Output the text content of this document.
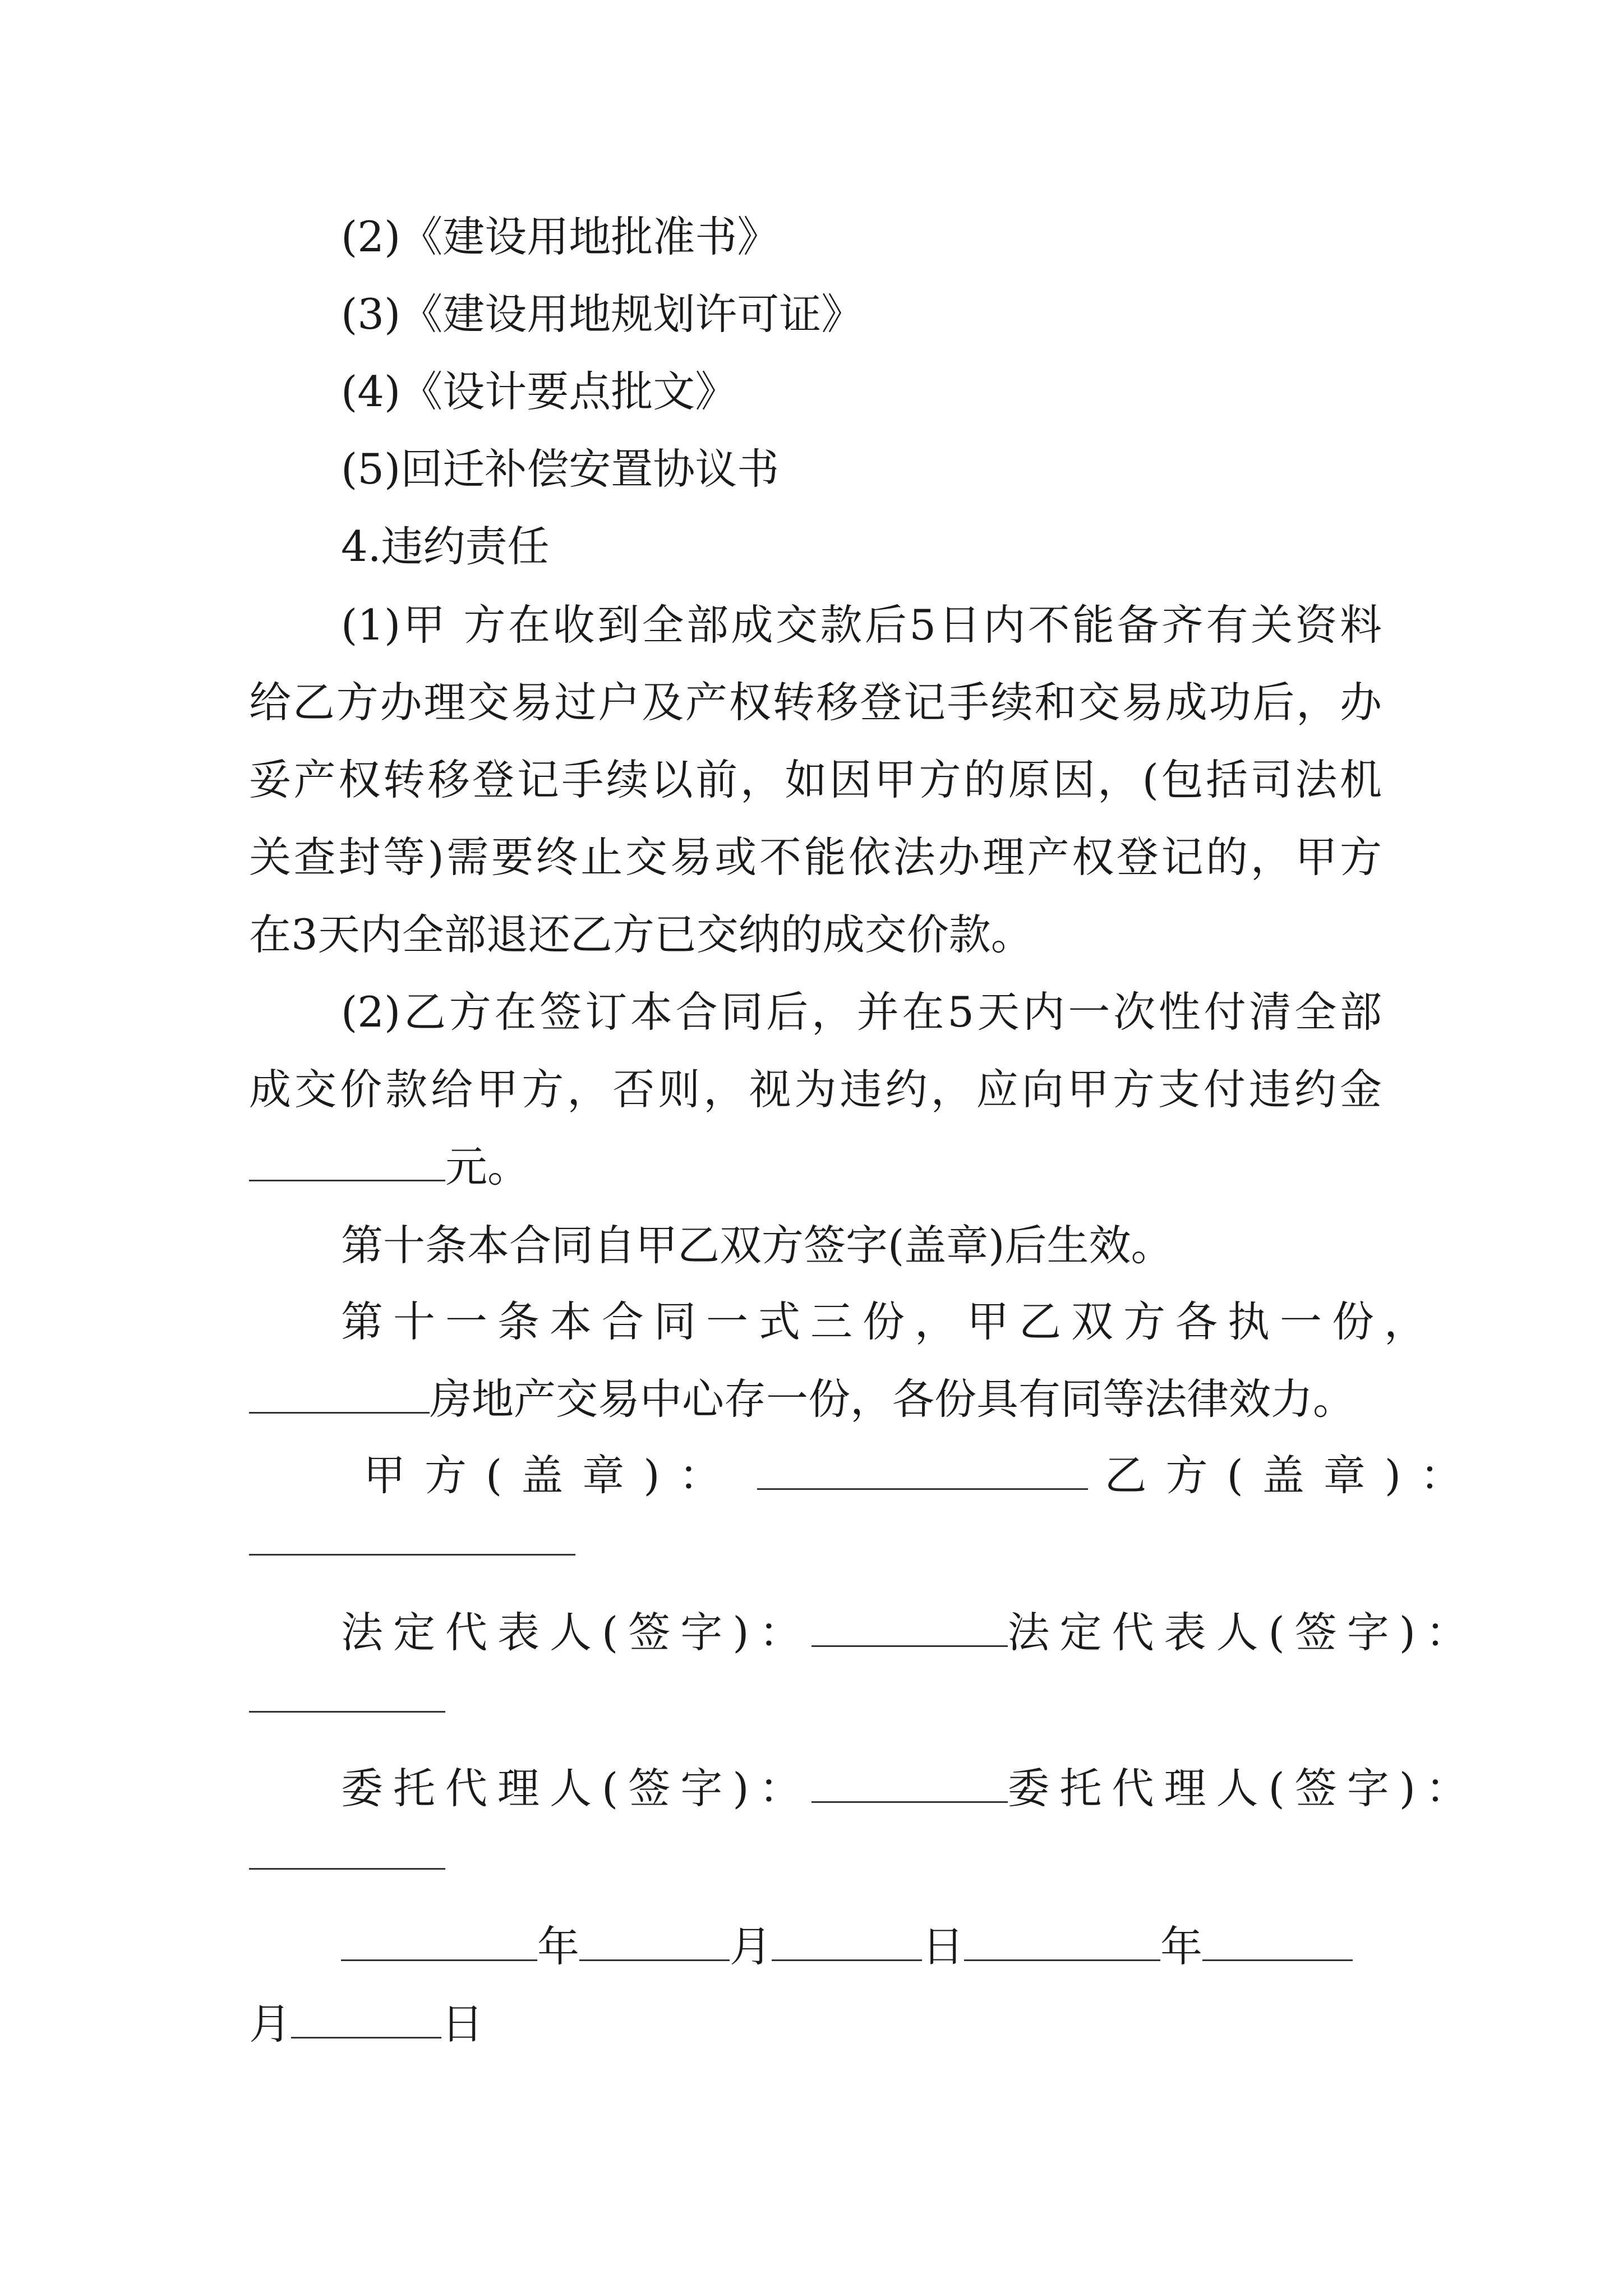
(2)《建设用地批准书》
(3)《建设用地规划许可证》
(4)《设计要点批文》
(5)回迁补偿安置协议书
4.违约责任
(1)甲 方在收到全部成交款后5日内不能备齐有关资料
给乙方办理交易过户及产权转移登记手续和交易成功后，办
妥产权转移登记手续以前，如因甲方的原因，(包括司法机
关查封等)需要终止交易或不能依法办理产权登记的，甲方
在3天内全部退还乙方已交纳的成交价款。
(2)乙方在签订本合同后，并在5天内一次性付清全部
成交价款给甲方，否则，视为违约，应向甲方支付违约金
元。
第十条本合同自甲乙双方签字(盖章)后生效。
第十一条本合同一式三份，甲乙双方各执一份，
房地产交易中心存一份，各份具有同等法律效力。
甲方(盖章)：	乙方(盖章)：
法定代表人(签字)：	法定代表人(签字)：
委托代理人(签字)：	委托代理人(签字)：
年	月	日	年
月	日
